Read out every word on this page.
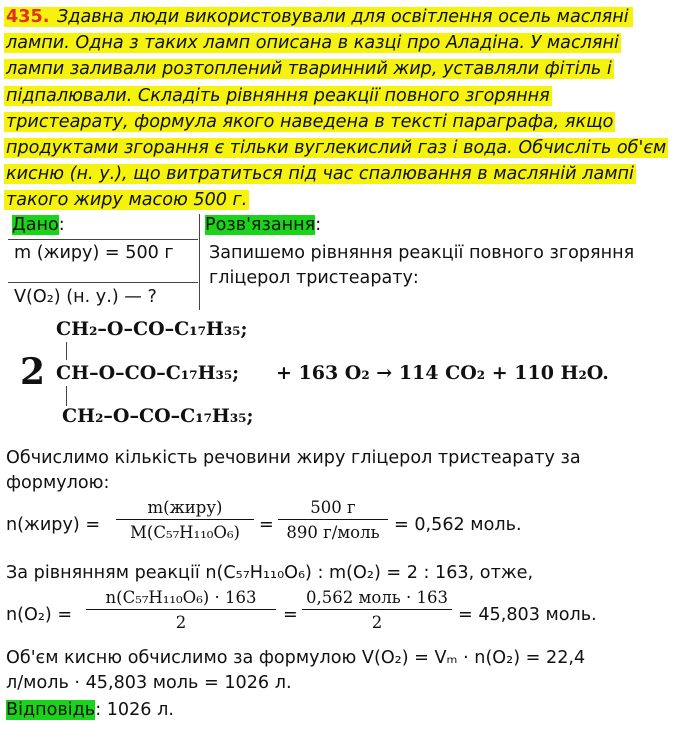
435. Здавна люди використовували для освітлення осель масляні
лампи. Одна з таких ламп описана в казці про Аладіна. У масляні
лампи заливали розтоплений тваринний жир, уставляли фітіль і
підпалювали. Складіть рівняння реакції повного згоряння
тристеарату, формула якого наведена в тексті параграфа, якщо
продуктами згорання є тільки вуглекислий газ і вода. Обчисліть об'єм
кисню (н. у.), що витратиться під час спалювання в масляній лампі
такого жиру масою 500 г.
Дано:	Розв'язання:
m (жиру) = 500 г
V(O₂) (н. у.) — ?
Запишемо рівняння реакції повного згоряння
гліцерол тристеарату:
2
CH₂–O–CO–C₁₇H₃₅;
CH–O–CO–C₁₇H₃₅;
CH₂–O–CO–C₁₇H₃₅;
+ 163 O₂ → 114 CO₂ + 110 H₂O.
Обчислимо кількість речовини жиру гліцерол тристеарату за
формулою:
n(жиру) =
m(жиру)
M(C₅₇H₁₁₀O₆)	=
500 г
890 г/моль = 0,562 моль.
За рівнянням реакції n(C₅₇H₁₁₀O₆) : m(O₂) = 2 : 163, отже,
n(O₂) =
n(C₅₇H₁₁₀O₆) · 163
2	=
0,562 моль · 163
2	= 45,803 моль.
Об'єм кисню обчислимо за формулою V(O₂) = Vₘ · n(O₂) = 22,4
л/моль · 45,803 моль = 1026 л.
Відповідь: 1026 л.
